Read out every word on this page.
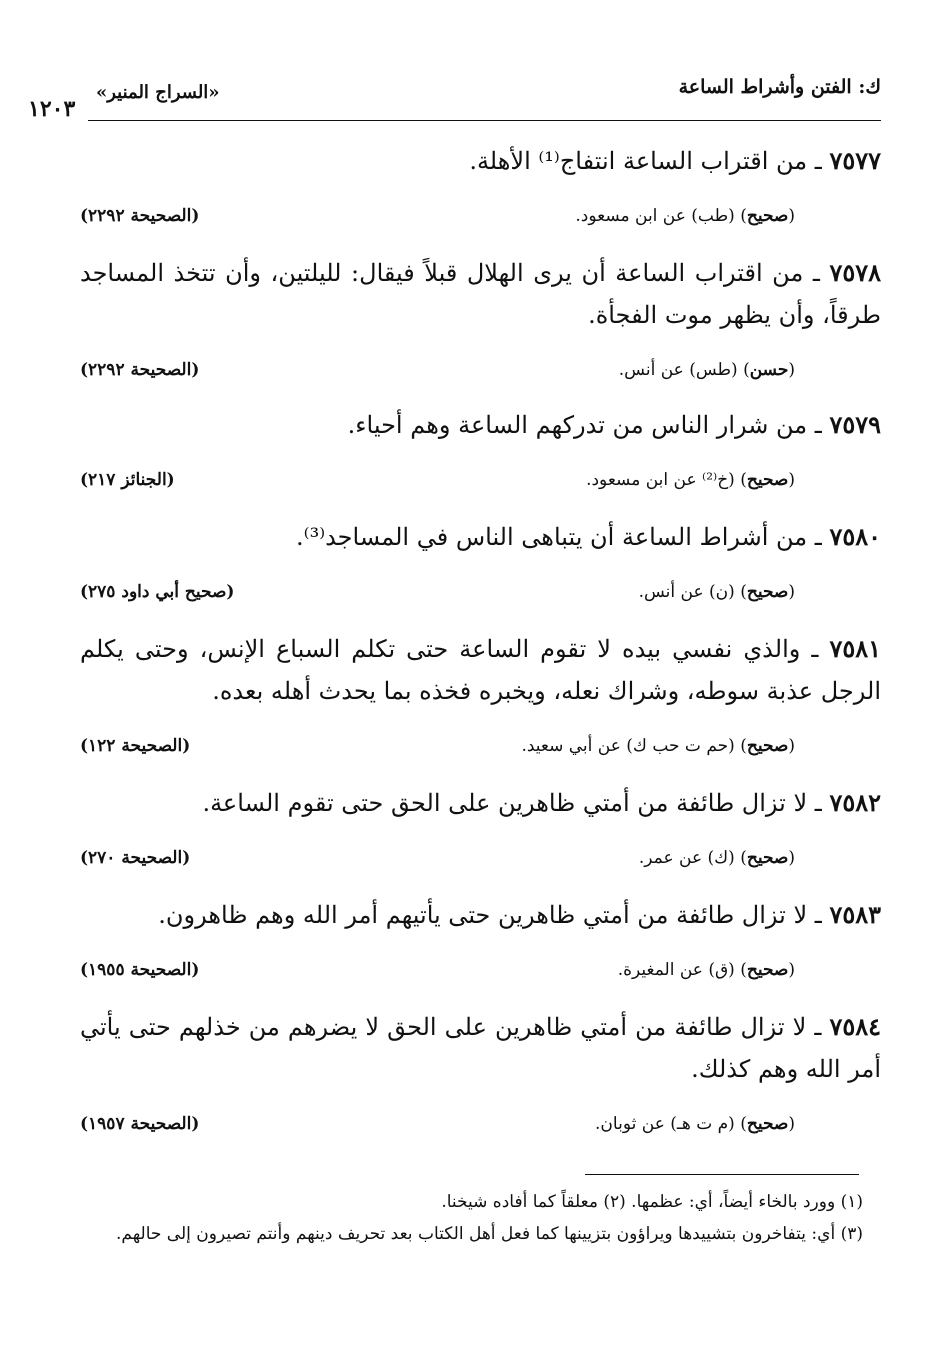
ك: الفتن وأشراط الساعة
«السراج المنير»
١٢٠٣
٧٥٧٧ ـ من اقتراب الساعة انتفاج⁽¹⁾ الأهلة.
(صحيح) (طب) عن ابن مسعود.
(الصحيحة ٢٢٩٢)
٧٥٧٨ ـ من اقتراب الساعة أن يرى الهلال قبلاً فيقال: لليلتين، وأن تتخذ المساجد طرقاً، وأن يظهر موت الفجأة.
(حسن) (طس) عن أنس.
(الصحيحة ٢٢٩٢)
٧٥٧٩ ـ من شرار الناس من تدركهم الساعة وهم أحياء.
(صحيح) (خ⁽²⁾ عن ابن مسعود.
(الجنائز ٢١٧)
٧٥٨٠ ـ من أشراط الساعة أن يتباهى الناس في المساجد⁽³⁾.
(صحيح) (ن) عن أنس.
(صحيح أبي داود ٢٧٥)
٧٥٨١ ـ والذي نفسي بيده لا تقوم الساعة حتى تكلم السباع الإنس، وحتى يكلم الرجل عذبة سوطه، وشراك نعله، ويخبره فخذه بما يحدث أهله بعده.
(صحيح) (حم ت حب ك) عن أبي سعيد.
(الصحيحة ١٢٢)
٧٥٨٢ ـ لا تزال طائفة من أمتي ظاهرين على الحق حتى تقوم الساعة.
(صحيح) (ك) عن عمر.
(الصحيحة ٢٧٠)
٧٥٨٣ ـ لا تزال طائفة من أمتي ظاهرين حتى يأتيهم أمر الله وهم ظاهرون.
(صحيح) (ق) عن المغيرة.
(الصحيحة ١٩٥٥)
٧٥٨٤ ـ لا تزال طائفة من أمتي ظاهرين على الحق لا يضرهم من خذلهم حتى يأتي أمر الله وهم كذلك.
(صحيح) (م ت هـ) عن ثوبان.
(الصحيحة ١٩٥٧)
(١) وورد بالخاء أيضاً، أي: عظمها. (٢) معلقاً كما أفاده شيخنا.
(٣) أي: يتفاخرون بتشييدها ويراؤون بتزيينها كما فعل أهل الكتاب بعد تحريف دينهم وأنتم تصيرون إلى حالهم.
